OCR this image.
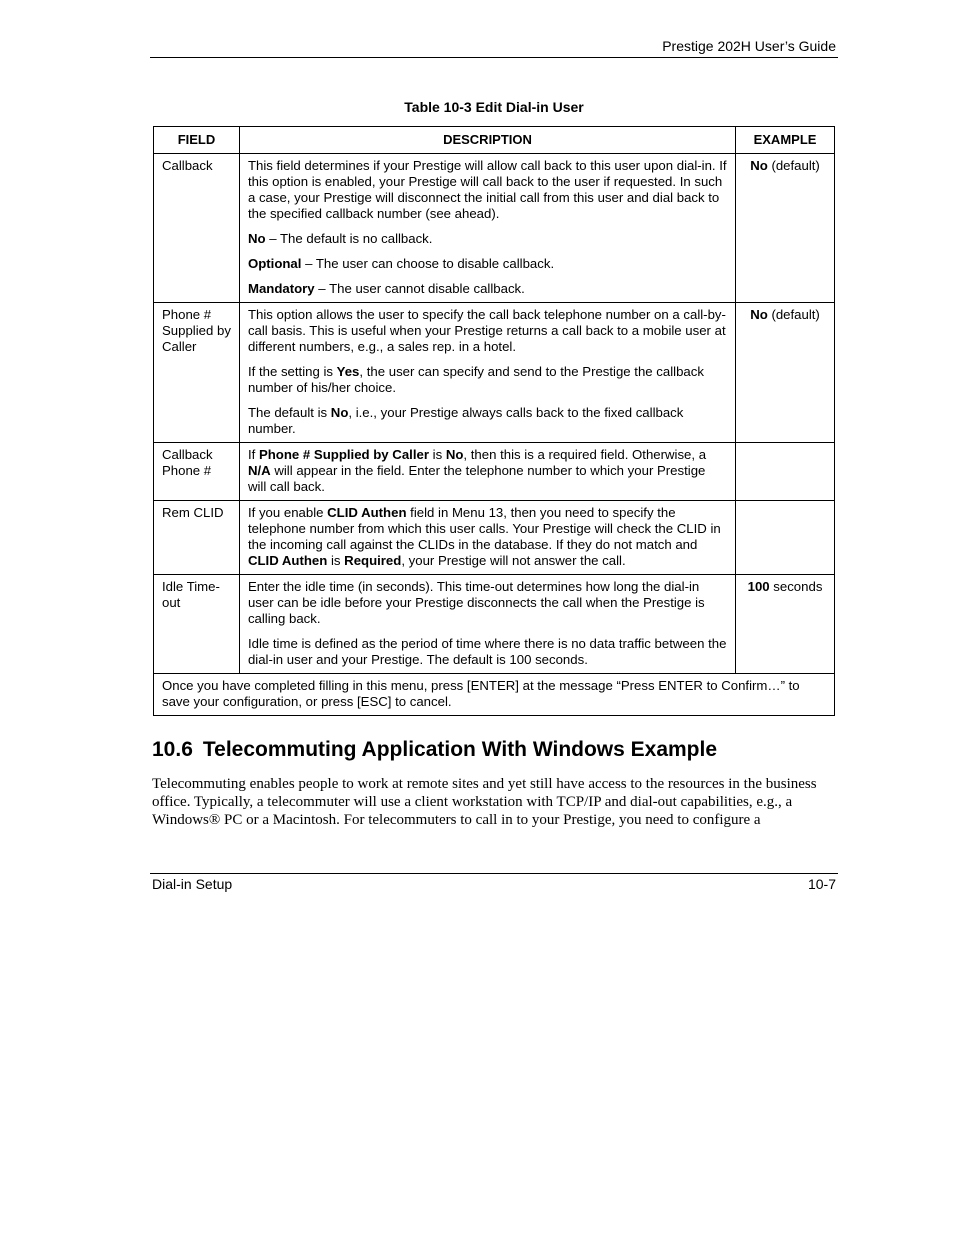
Prestige 202H User’s Guide
Table 10-3 Edit Dial-in User
FIELD	DESCRIPTION	EXAMPLE
Callback	This field determines if your Prestige will allow call back to this user upon dial-in. If this option is enabled, your Prestige will call back to the user if requested. In such a case, your Prestige will disconnect the initial call from this user and dial back to the specified callback number (see ahead).

No – The default is no callback.

Optional – The user can choose to disable callback.

Mandatory – The user cannot disable callback.	No (default)
Phone # Supplied by Caller	This option allows the user to specify the call back telephone number on a call-by-call basis. This is useful when your Prestige returns a call back to a mobile user at different numbers, e.g., a sales rep. in a hotel.

If the setting is Yes, the user can specify and send to the Prestige the callback number of his/her choice.

The default is No, i.e., your Prestige always calls back to the fixed callback number.	No (default)
Callback Phone #	If Phone # Supplied by Caller is No, then this is a required field. Otherwise, a N/A will appear in the field. Enter the telephone number to which your Prestige will call back.	

Rem CLID	If you enable CLID Authen field in Menu 13, then you need to specify the telephone number from which this user calls. Your Prestige will check the CLID in the incoming call against the CLIDs in the database. If they do not match and CLID Authen is Required, your Prestige will not answer the call.	

Idle Time-out	Enter the idle time (in seconds). This time-out determines how long the dial-in user can be idle before your Prestige disconnects the call when the Prestige is calling back.

Idle time is defined as the period of time where there is no data traffic between the dial-in user and your Prestige. The default is 100 seconds.	100 seconds
Once you have completed filling in this menu, press [ENTER] at the message “Press ENTER to Confirm…” to save your configuration, or press [ESC] to cancel.		
10.6 Telecommuting Application With Windows Example

Telecommuting enables people to work at remote sites and yet still have access to the resources in the business office. Typically, a telecommuter will use a client workstation with TCP/IP and dial-out capabilities, e.g., a Windows® PC or a Macintosh. For telecommuters to call in to your Prestige, you need to configure a

Dial-in Setup	10-7
